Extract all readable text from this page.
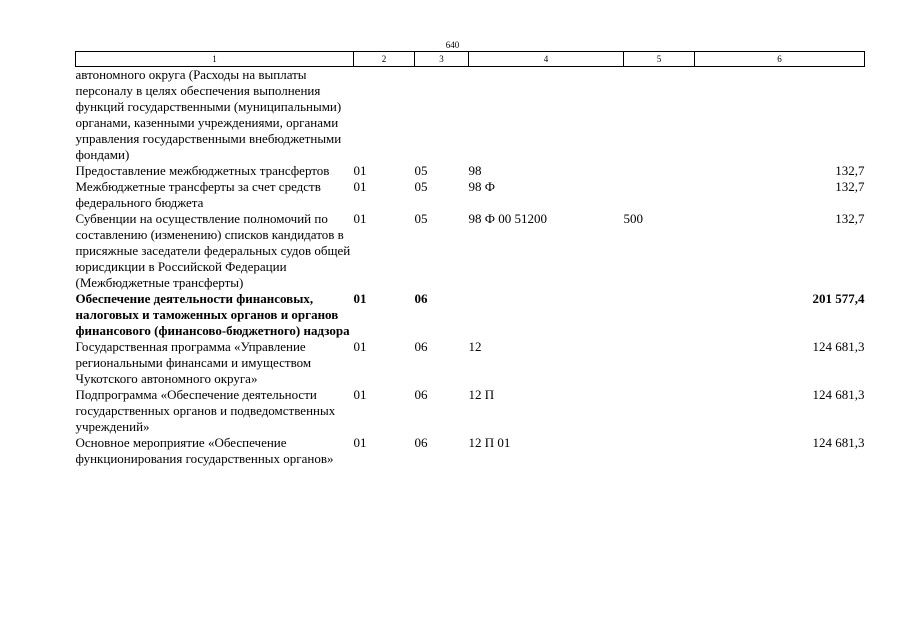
640
1	2	3	4	5	6
автономного округа (Расходы на выплаты персоналу в целях обеспечения выполнения функций государственными (муниципальными) органами, казенными учреждениями, органами управления государственными внебюджетными фондами)					
Предоставление межбюджетных трансфертов	01	05	98		132,7
Межбюджетные трансферты за счет средств федерального бюджета	01	05	98 Ф		132,7
Субвенции на осуществление полномочий по составлению (изменению) списков кандидатов в присяжные заседатели федеральных судов общей юрисдикции в Российской Федерации (Межбюджетные трансферты)	01	05	98 Ф 00 51200	500	132,7
Обеспечение деятельности финансовых, налоговых и таможенных органов и органов финансового (финансово-бюджетного) надзора	01	06			201 577,4
Государственная программа «Управление региональными финансами и имуществом Чукотского автономного округа»	01	06	12		124 681,3
Подпрограмма «Обеспечение деятельности государственных органов и подведомственных учреждений»	01	06	12 П		124 681,3
Основное мероприятие «Обеспечение функционирования государственных органов»	01	06	12 П 01		124 681,3
